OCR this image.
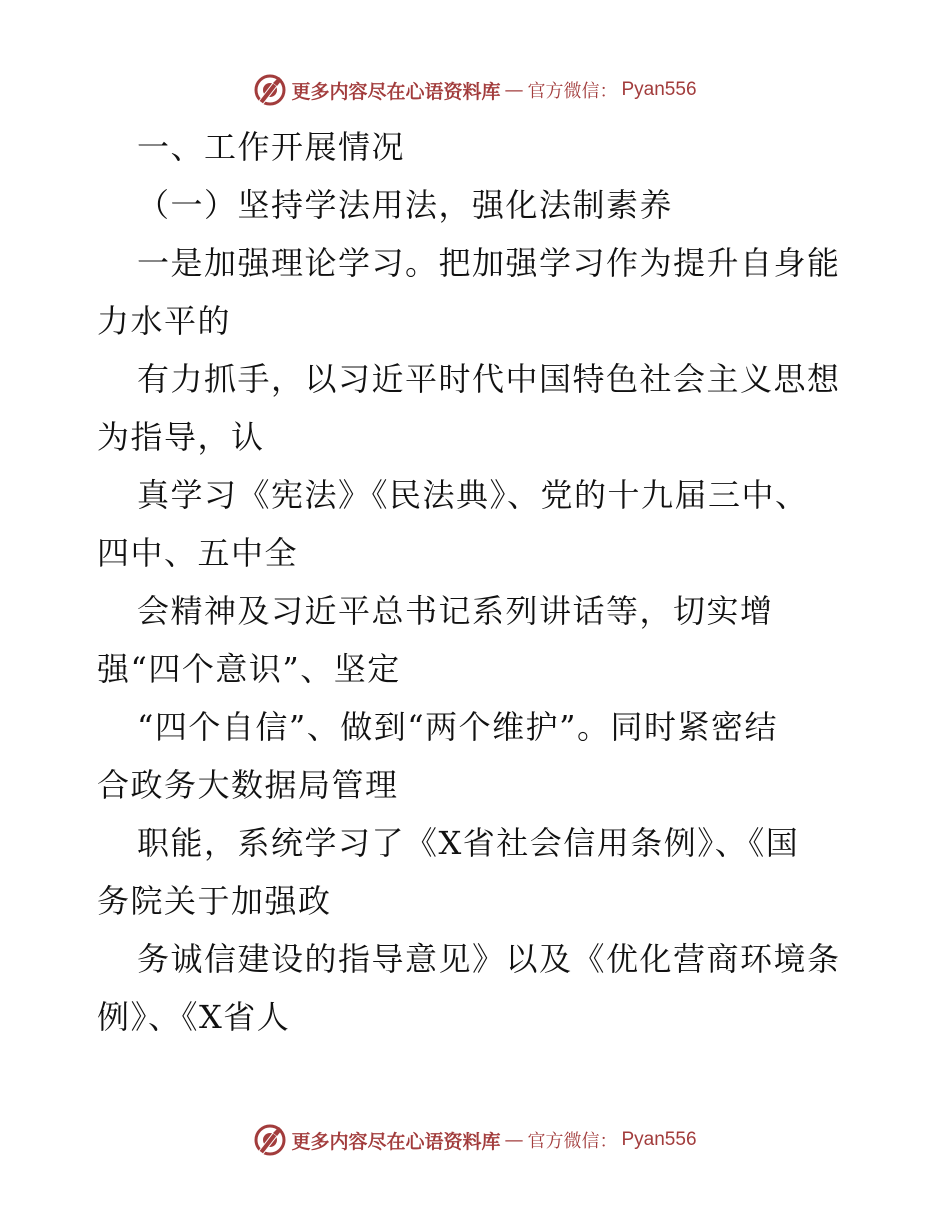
更多内容尽在心语资料库 — 官方微信： Pyan556
一、工作开展情况
（一）坚持学法用法，强化法制素养
一是加强理论学习。把加强学习作为提升自身能
力水平的
有力抓手，以习近平时代中国特色社会主义思想
为指导，认
真学习《宪法》《民法典》、党的十九届三中、
四中、五中全
会精神及习近平总书记系列讲话等，切实增
强“四个意识”、坚定
“四个自信”、做到“两个维护”。同时紧密结
合政务大数据局管理
职能，系统学习了《X省社会信用条例》、《国
务院关于加强政
务诚信建设的指导意见》以及《优化营商环境条
例》、《X省人
更多内容尽在心语资料库 — 官方微信： Pyan556
